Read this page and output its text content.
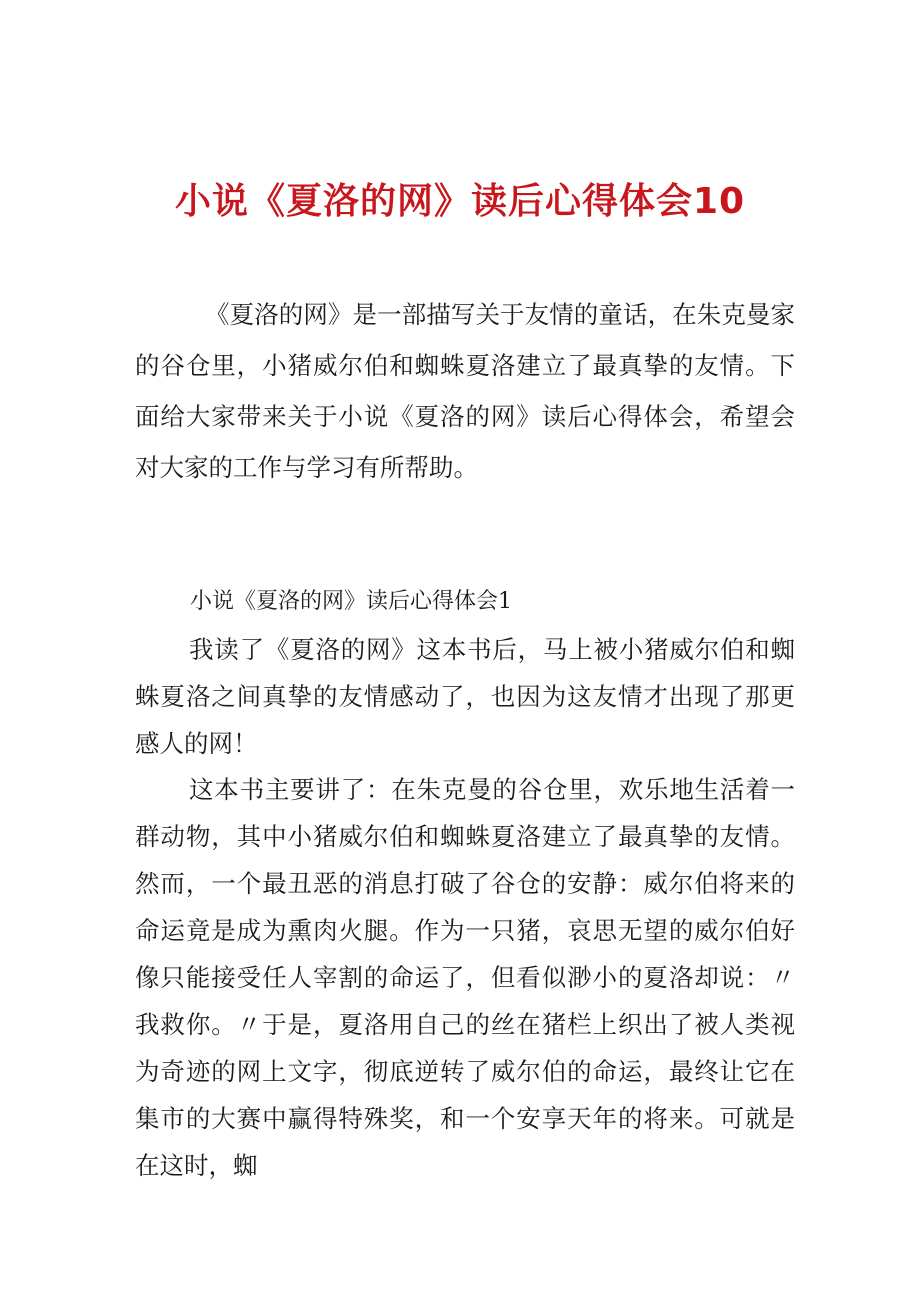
小说《夏洛的网》读后心得体会10

《夏洛的网》是一部描写关于友情的童话，在朱克曼家的谷仓里，小猪威尔伯和蜘蛛夏洛建立了最真挚的友情。下面给大家带来关于小说《夏洛的网》读后心得体会，希望会对大家的工作与学习有所帮助。

小说《夏洛的网》读后心得体会1

我读了《夏洛的网》这本书后，马上被小猪威尔伯和蜘蛛夏洛之间真挚的友情感动了，也因为这友情才出现了那更感人的网！

这本书主要讲了：在朱克曼的谷仓里，欢乐地生活着一群动物，其中小猪威尔伯和蜘蛛夏洛建立了最真挚的友情。然而，一个最丑恶的消息打破了谷仓的安静：威尔伯将来的命运竟是成为熏肉火腿。作为一只猪，哀思无望的威尔伯好像只能接受任人宰割的命运了，但看似渺小的夏洛却说：〃我救你。〃于是，夏洛用自己的丝在猪栏上织出了被人类视为奇迹的网上文字，彻底逆转了威尔伯的命运，最终让它在集市的大赛中赢得特殊奖，和一个安享天年的将来。可就是在这时，蜘
